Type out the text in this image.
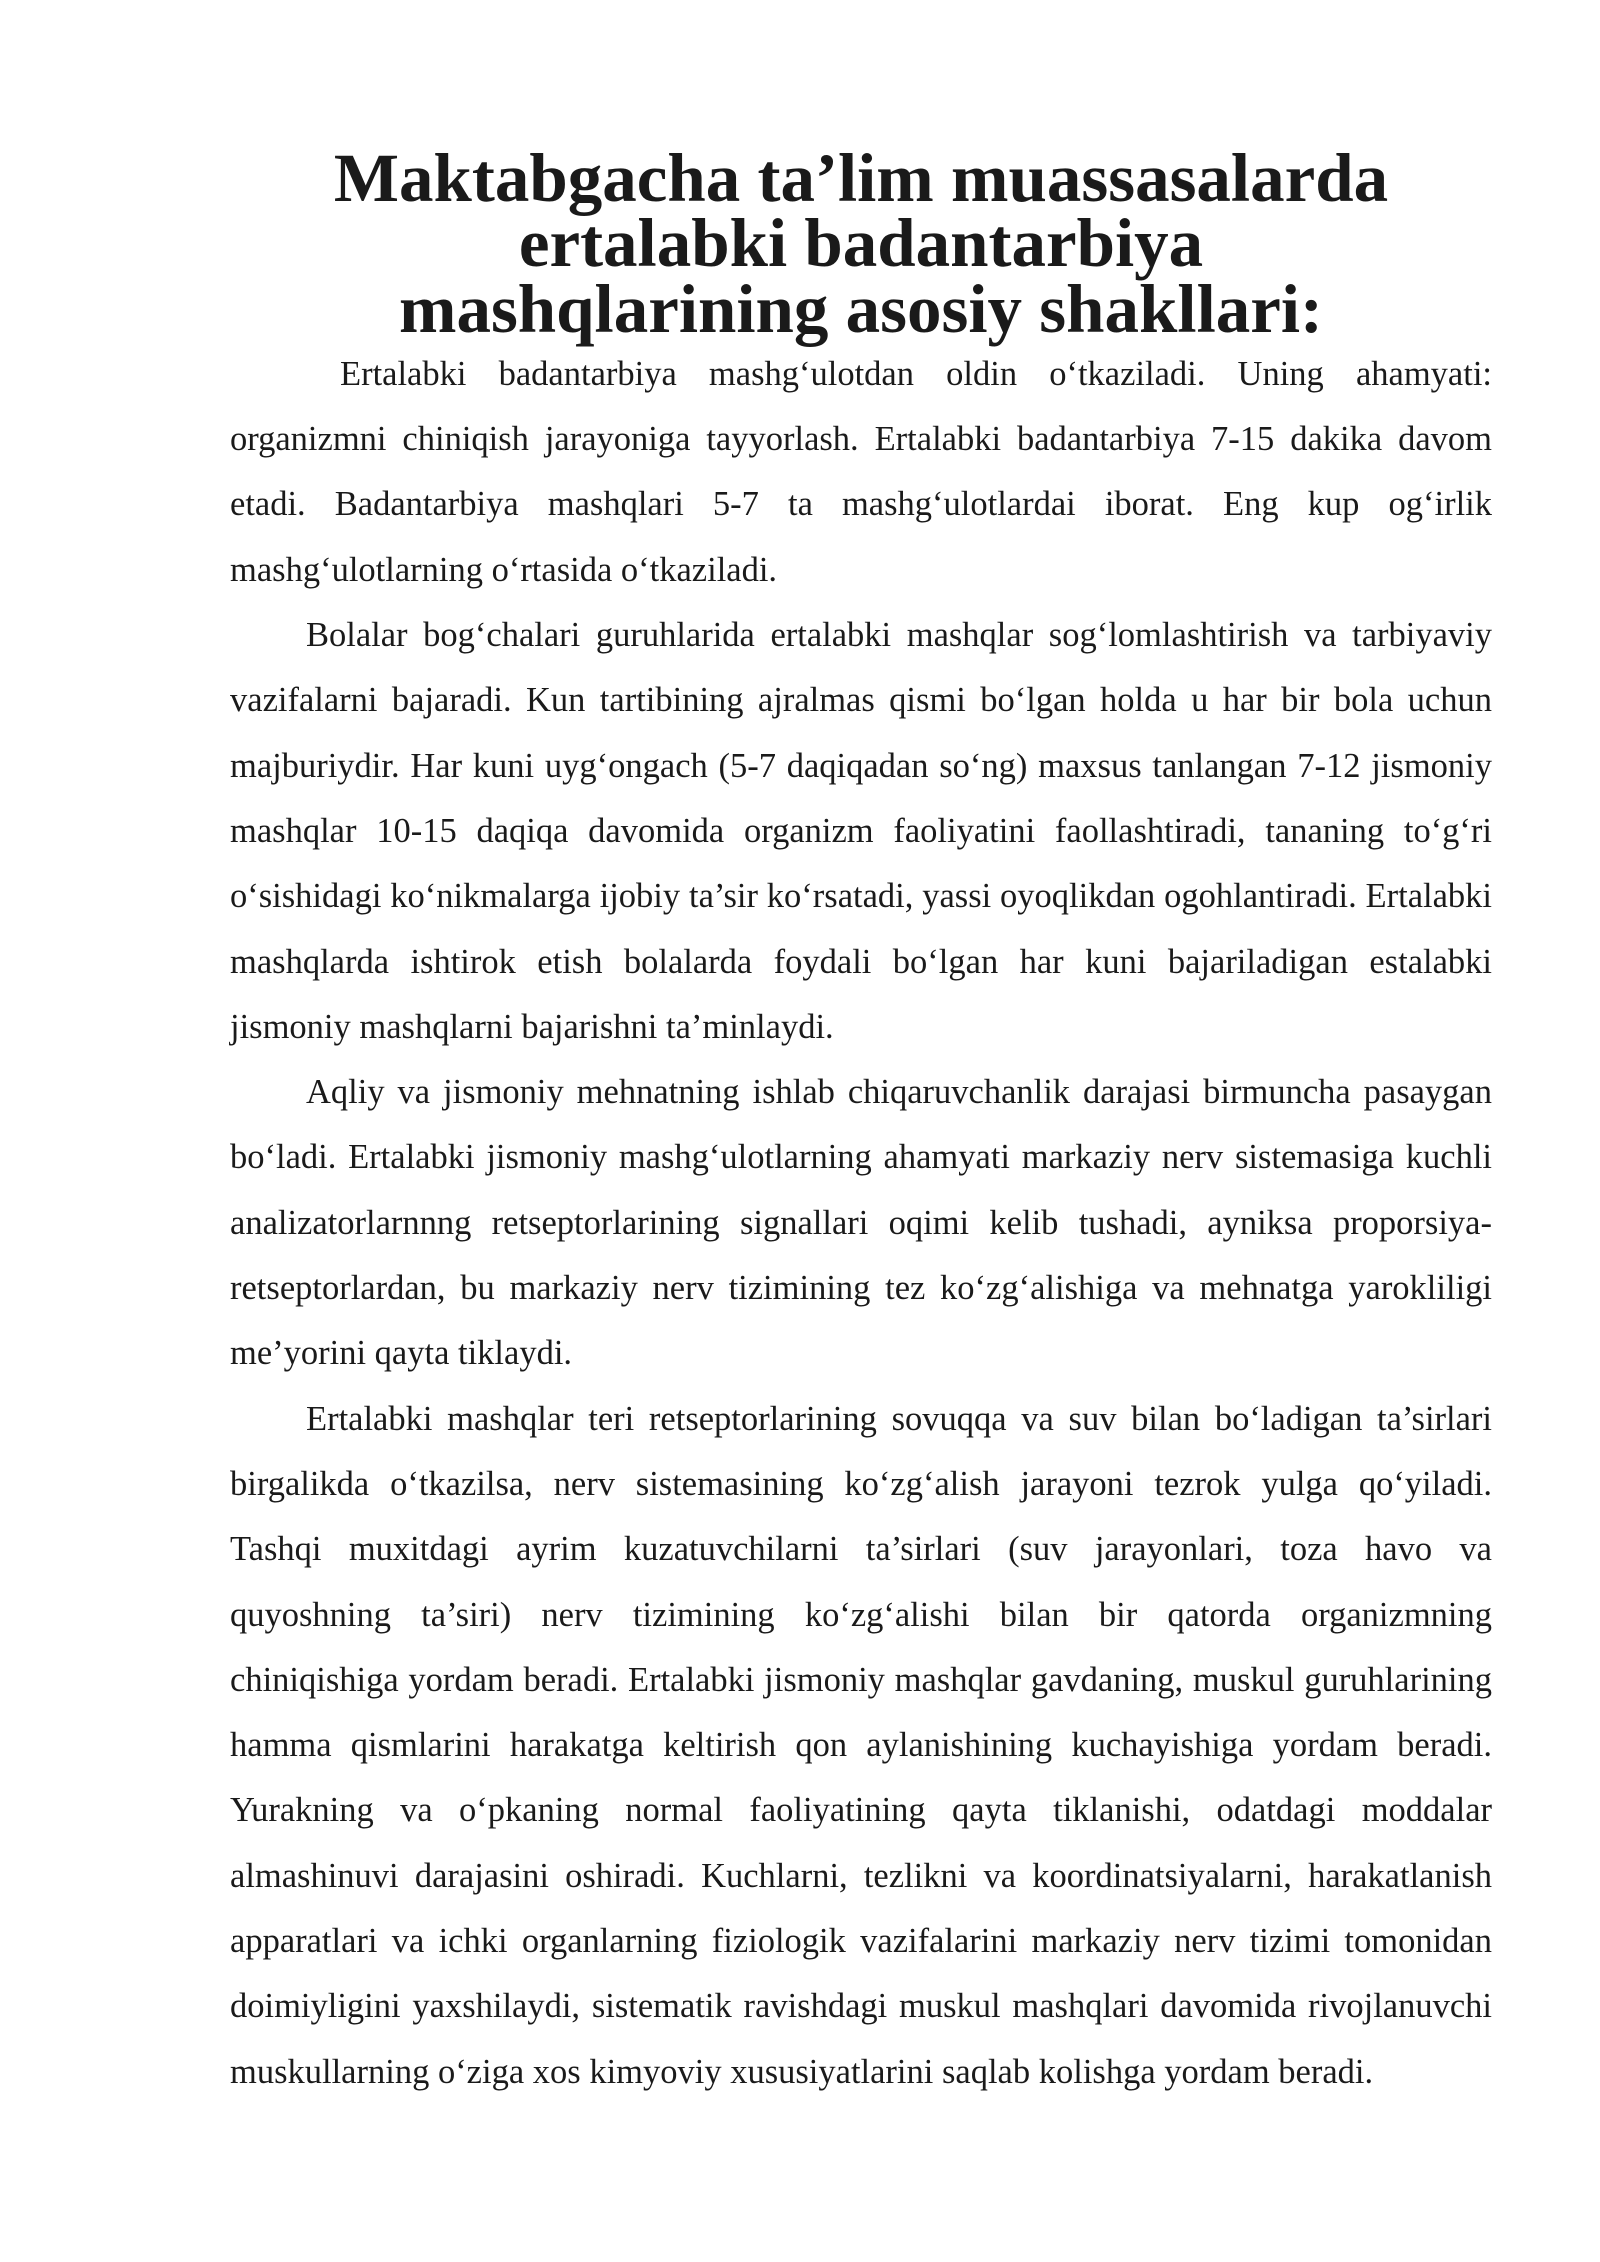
Maktabgacha ta’lim muassasalarda ertalabki badantarbiya
mashqlarining asosiy shakllari:

Ertalabki badantarbiya mashg‘ulotdan oldin o‘tkaziladi. Uning ahamyati: organizmni chiniqish jarayoniga tayyorlash. Ertalabki badantarbiya 7-15 dakika davom etadi. Badantarbiya mashqlari 5-7 ta mashg‘ulotlardai iborat. Eng kup og‘irlik mashg‘ulotlarning o‘rtasida o‘tkaziladi.

Bolalar bog‘chalari guruhlarida ertalabki mashqlar sog‘lomlashtirish va tarbiyaviy vazifalarni bajaradi. Kun tartibining ajralmas qismi bo‘lgan holda u har bir bola uchun majburiydir. Har kuni uyg‘ongach (5-7 daqiqadan so‘ng) maxsus tanlangan 7-12 jismoniy mashqlar 10-15 daqiqa davomida organizm faoliyatini faollashtiradi, tananing to‘g‘ri o‘sishidagi ko‘nikmalarga ijobiy ta’sir ko‘rsatadi, yassi oyoqlikdan ogohlantiradi. Ertalabki mashqlarda ishtirok etish bolalarda foydali bo‘lgan har kuni bajariladigan estalabki jismoniy mashqlarni bajarishni ta’minlaydi.

Aqliy va jismoniy mehnatning ishlab chiqaruvchanlik darajasi birmuncha pasaygan bo‘ladi. Ertalabki jismoniy mashg‘ulotlarning ahamyati markaziy nerv sistemasiga kuchli analizatorlarnnng retseptorlarining signallari oqimi kelib tushadi, ayniksa proporsiya-retseptorlardan, bu markaziy nerv tizimining tez ko‘zg‘alishiga va mehnatga yarokliligi me’yorini qayta tiklaydi.

Ertalabki mashqlar teri retseptorlarining sovuqqa va suv bilan bo‘ladigan ta’sirlari birgalikda o‘tkazilsa, nerv sistemasining ko‘zg‘alish jarayoni tezrok yulga qo‘yiladi. Tashqi muxitdagi ayrim kuzatuvchilarni ta’sirlari (suv jarayonlari, toza havo va quyoshning ta’siri) nerv tizimining ko‘zg‘alishi bilan bir qatorda organizmning chiniqishiga yordam beradi. Ertalabki jismoniy mashqlar gavdaning, muskul guruhlarining hamma qismlarini harakatga keltirish qon aylanishining kuchayishiga yordam beradi. Yurakning va o‘pkaning normal faoliyatining qayta tiklanishi, odatdagi moddalar almashinuvi darajasini oshiradi. Kuchlarni, tezlikni va koordinatsiyalarni, harakatlanish apparatlari va ichki organlarning fiziologik vazifalarini markaziy nerv tizimi tomonidan doimiyligini yaxshilaydi, sistematik ravishdagi muskul mashqlari davomida rivojlanuvchi muskullarning o‘ziga xos kimyoviy xususiyatlarini saqlab kolishga yordam beradi.
